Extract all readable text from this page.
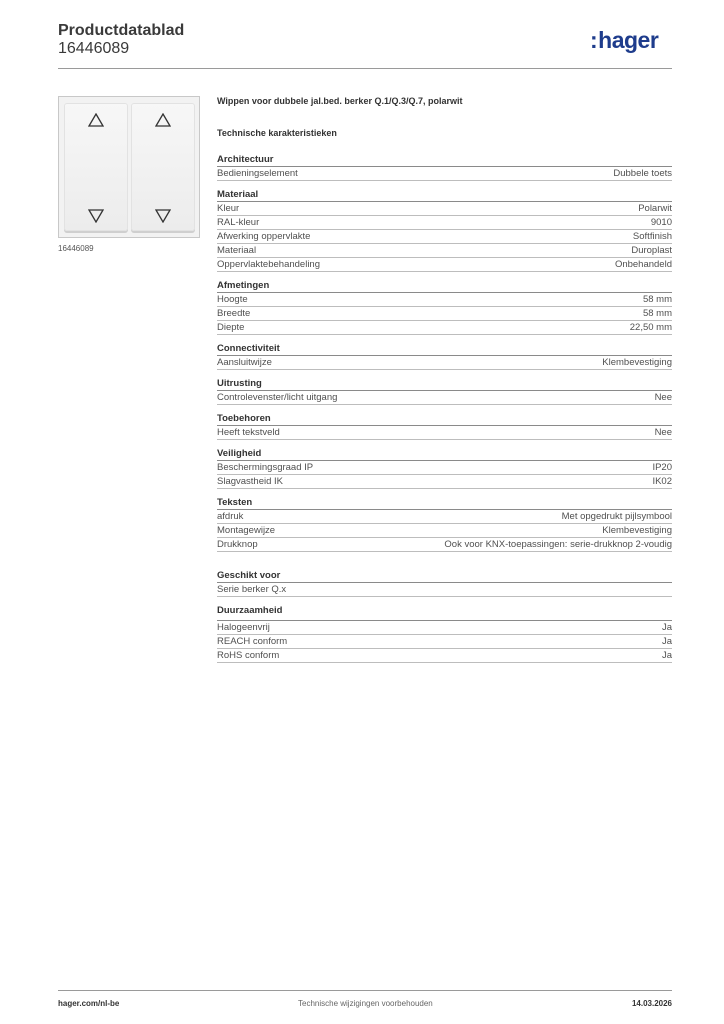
Productdatablad
16446089	:hager
16446089
Wippen voor dubbele jal.bed. berker Q.1/Q.3/Q.7, polarwit
Technische karakteristieken
Architectuur
Bedieningselement	Dubbele toets
Materiaal
Kleur	Polarwit
RAL-kleur	9010
Afwerking oppervlakte	Softfinish
Materiaal	Duroplast
Oppervlaktebehandeling	Onbehandeld
Afmetingen
Hoogte	58 mm
Breedte	58 mm
Diepte	22,50 mm
Connectiviteit
Aansluitwijze	Klembevestiging
Uitrusting
Controlevenster/licht uitgang	Nee
Toebehoren
Heeft tekstveld	Nee
Veiligheid
Beschermingsgraad IP	IP20
Slagvastheid IK	IK02
Teksten
afdruk	Met opgedrukt pijlsymbool
Montagewijze	Klembevestiging
Drukknop	Ook voor KNX-toepassingen: serie-drukknop 2-voudig
Geschikt voor
Serie berker Q.x
Duurzaamheid
Halogeenvrij	Ja
REACH conform	Ja
RoHS conform	Ja
hager.com/nl-be	Technische wijzigingen voorbehouden	14.03.2026
